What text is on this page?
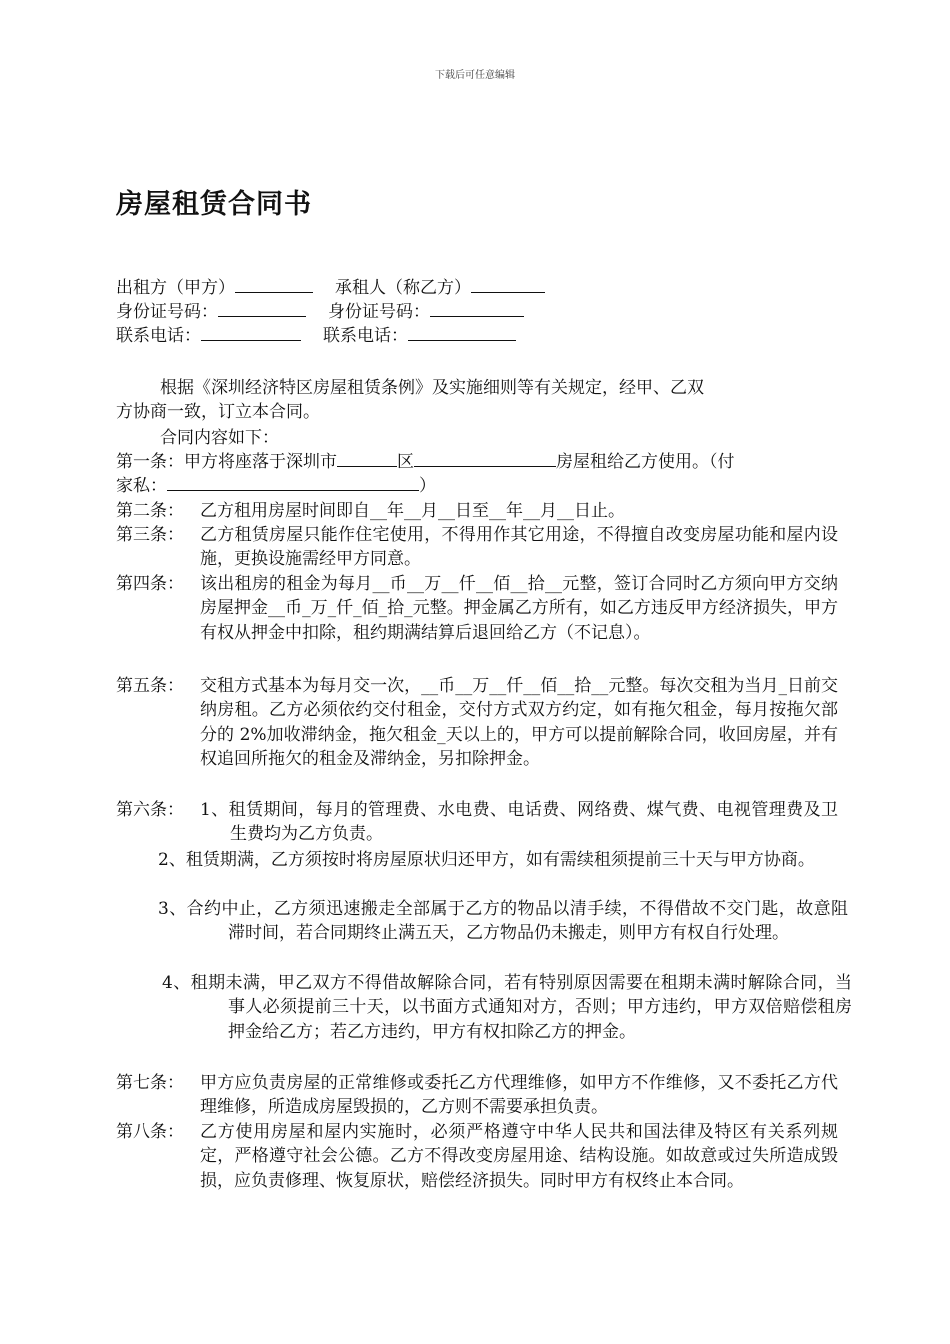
下载后可任意编辑
房屋租赁合同书
出租方（甲方）	承租人（称乙方）
身份证号码：	身份证号码：
联系电话：	联系电话：
根据《深圳经济特区房屋租赁条例》及实施细则等有关规定，经甲、乙双
方协商一致，订立本合同。
合同内容如下：
第一条：甲方将座落于深圳市	区	房屋租给乙方使用。（付
家私：	）
第二条： 乙方租用房屋时间即自__年__月__日至__年__月__日止。
第三条： 乙方租赁房屋只能作住宅使用，不得用作其它用途，不得擅自改变房屋功能和屋内设施，更换设施需经甲方同意。
第四条： 该出租房的租金为每月__币__万__仟__佰__拾__元整，签订合同时乙方须向甲方交纳房屋押金__币_万_仟_佰_拾_元整。押金属乙方所有，如乙方违反甲方经济损失，甲方有权从押金中扣除，租约期满结算后退回给乙方（不记息）。
第五条： 交租方式基本为每月交一次，__币__万__仟__佰__拾__元整。每次交租为当月_日前交纳房租。乙方必须依约交付租金，交付方式双方约定，如有拖欠租金，每月按拖欠部分的 2%加收滞纳金，拖欠租金_天以上的，甲方可以提前解除合同，收回房屋，并有权追回所拖欠的租金及滞纳金，另扣除押金。
第六条： 1、租赁期间，每月的管理费、水电费、电话费、网络费、煤气费、电视管理费及卫生费均为乙方负责。
2、租赁期满，乙方须按时将房屋原状归还甲方，如有需续租须提前三十天与甲方协商。
3、合约中止，乙方须迅速搬走全部属于乙方的物品以清手续，不得借故不交门匙，故意阻滞时间，若合同期终止满五天，乙方物品仍未搬走，则甲方有权自行处理。
4、租期未满，甲乙双方不得借故解除合同，若有特别原因需要在租期未满时解除合同，当事人必须提前三十天，以书面方式通知对方，否则；甲方违约，甲方双倍赔偿租房押金给乙方；若乙方违约，甲方有权扣除乙方的押金。
第七条： 甲方应负责房屋的正常维修或委托乙方代理维修，如甲方不作维修，又不委托乙方代理维修，所造成房屋毁损的，乙方则不需要承担负责。
第八条： 乙方使用房屋和屋内实施时，必须严格遵守中华人民共和国法律及特区有关系列规定，严格遵守社会公德。乙方不得改变房屋用途、结构设施。如故意或过失所造成毁损，应负责修理、恢复原状，赔偿经济损失。同时甲方有权终止本合同。
